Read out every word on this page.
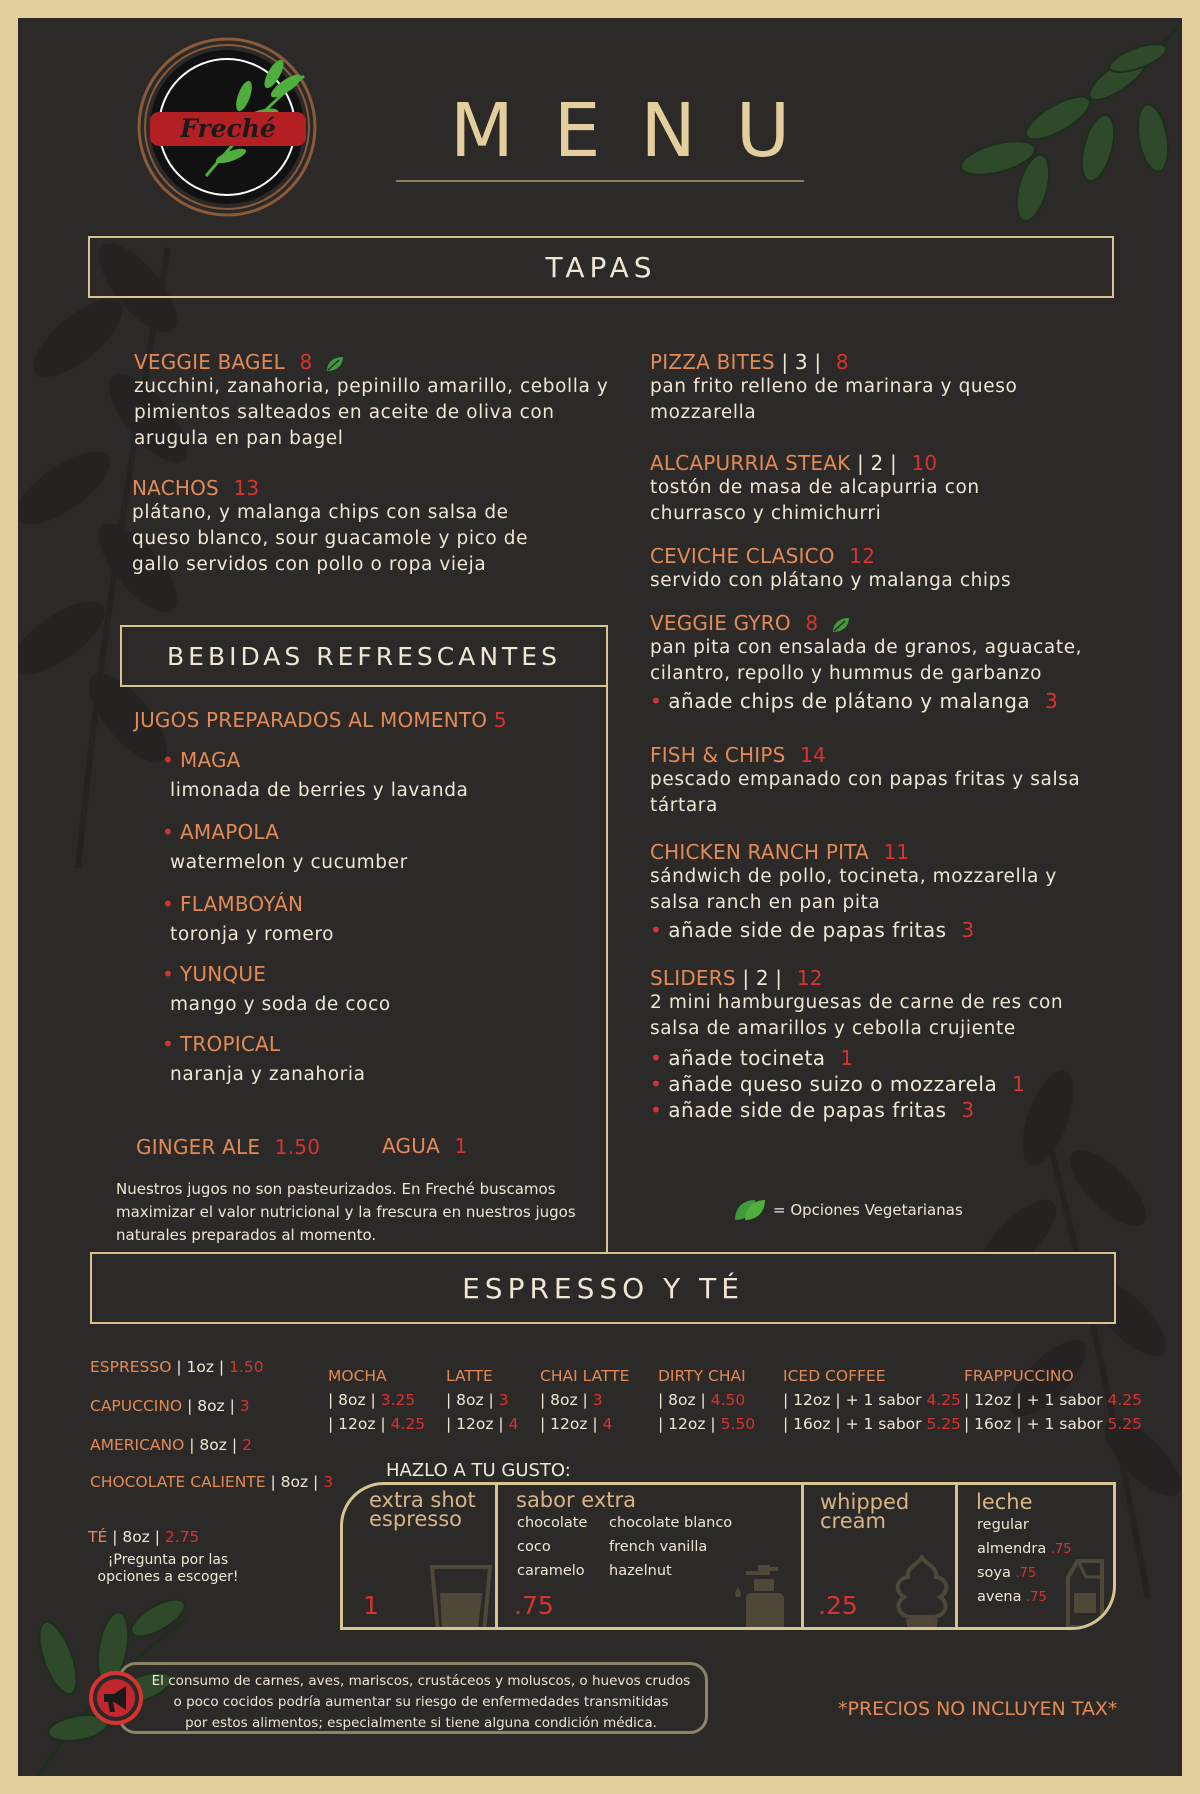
Freché	MENU
TAPAS
VEGGIE BAGEL 8
zucchini, zanahoria, pepinillo amarillo, cebolla y pimientos salteados en aceite de oliva con arugula en pan bagel
NACHOS 13
plátano, y malanga chips con salsa de queso blanco, sour guacamole y pico de gallo servidos con pollo o ropa vieja
PIZZA BITES | 3 | 8
pan frito relleno de marinara y queso mozzarella
ALCAPURRIA STEAK | 2 | 10
tostón de masa de alcapurria con churrasco y chimichurri
CEVICHE CLASICO 12
servido con plátano y malanga chips
VEGGIE GYRO 8
pan pita con ensalada de granos, aguacate, cilantro, repollo y hummus de garbanzo
• añade chips de plátano y malanga 3
FISH & CHIPS 14
pescado empanado con papas fritas y salsa tártara
CHICKEN RANCH PITA 11
sándwich de pollo, tocineta, mozzarella y salsa ranch en pan pita
• añade side de papas fritas 3
SLIDERS | 2 | 12
2 mini hamburguesas de carne de res con salsa de amarillos y cebolla crujiente
• añade tocineta 1
• añade queso suizo o mozzarela 1
• añade side de papas fritas 3
= Opciones Vegetarianas
BEBIDAS REFRESCANTES
JUGOS PREPARADOS AL MOMENTO 5
• MAGA
limonada de berries y lavanda
• AMAPOLA
watermelon y cucumber
• FLAMBOYÁN
toronja y romero
• YUNQUE
mango y soda de coco
• TROPICAL
naranja y zanahoria
GINGER ALE 1.50	AGUA 1
Nuestros jugos no son pasteurizados. En Freché buscamos maximizar el valor nutricional y la frescura en nuestros jugos naturales preparados al momento.
ESPRESSO Y TÉ
ESPRESSO | 1oz | 1.50
CAPUCCINO | 8oz | 3
AMERICANO | 8oz | 2
CHOCOLATE CALIENTE | 8oz | 3
TÉ | 8oz | 2.75
¡Pregunta por las
opciones a escoger!
MOCHA
| 8oz | 3.25
| 12oz | 4.25
LATTE
| 8oz | 3
| 12oz | 4
CHAI LATTE
| 8oz | 3
| 12oz | 4
DIRTY CHAI
| 8oz | 4.50
| 12oz | 5.50
ICED COFFEE
| 12oz | + 1 sabor 4.25
| 16oz | + 1 sabor 5.25
FRAPPUCCINO
| 12oz | + 1 sabor 4.25
| 16oz | + 1 sabor 5.25
HAZLO A TU GUSTO:
extra shot
espresso
1
sabor extra
chocolate
coco
caramelo
chocolate blanco
french vanilla
hazelnut
.75
whipped
cream
.25
leche
regular
almendra .75
soya .75
avena .75
El consumo de carnes, aves, mariscos, crustáceos y moluscos, o huevos crudos
o poco cocidos podría aumentar su riesgo de enfermedades transmitidas
por estos alimentos; especialmente si tiene alguna condición médica.
*PRECIOS NO INCLUYEN TAX*
